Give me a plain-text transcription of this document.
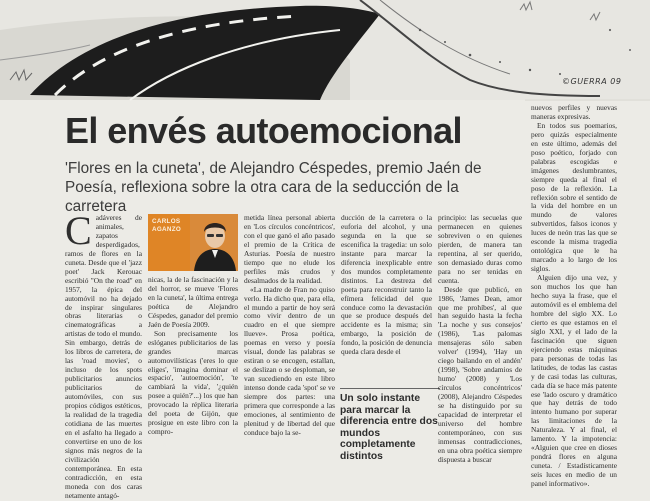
©GUERRA 09
El envés autoemocional

'Flores en la cuneta', de Alejandro Céspedes, premio Jaén de Poesía, reflexiona sobre la otra cara de la seducción de la carretera

C adáveres de animales, zapatos desperdigados, ramos de flores en la cuneta. Desde que el 'jazz poet' Jack Kerouac escribió "On the road" en 1957, la épica del automóvil no ha dejado de inspirar singulares obras literarias o cinematográficas a artistas de todo el mundo. Sin embargo, detrás de los libros de carretera, de las 'road movies', o incluso de los spots publicitarios anuncios publicitarios de automóviles, con sus propios códigos estéticos, la realidad de la tragedia cotidiana de las muertes en el asfalto ha llegado a convertirse en uno de los signos más negros de la civilización contemporánea. En esta contradicción, en esta moneda con dos caras netamente antagó-

CARLOS
AGANZO

nicas, la de la fascinación y la del horror, se mueve 'Flores en la cuneta', la última entrega poética de Alejandro Céspedes, ganador del premio Jaén de Poesía 2009.

Son precisamente los eslóganes publicitarios de las grandes marcas automovilísticas ('eres lo que eliges', 'imagina dominar el espacio', 'autoemoción', 'te cambiará la vida', '¿quién posee a quién?'...) los que han provocado la réplica literaria del poeta de Gijón, que prosigue en este libro con la compro-

metida línea personal abierta en 'Los círculos concéntricos', con el que ganó el año pasado el premio de la Crítica de Asturias. Poesía de nuestro tiempo que no elude los perfiles más crudos y desalmados de la realidad.

«La madre de Fran no quiso verlo. Ha dicho que, para ella, el mundo a partir de hoy será como vivir dentro de un cuadro en el que siempre llueve». Prosa poética, poemas en verso y poesía visual, donde las palabras se estiran o se encogen, estallan, se deslizan o se desploman, se van sucediendo en este libro intenso donde cada 'spot' se ve siempre dos partes: una primera que corresponde a las emociones, al sentimiento de plenitud y de libertad del que conduce bajo la se-

ducción de la carretera o la euforia del alcohol, y una segunda en la que se escenifica la tragedia: un solo instante para marcar la diferencia inexplicable entre dos mundos completamente distintos. La destreza del poeta para reconstruir tanto la efímera felicidad del que conduce como la devastación que se produce después del accidente es la misma; sin embargo, la posición de fondo, la posición de denuncia queda clara desde el

Un solo instante para marcar la diferencia entre dos mundos completamente distintos

principio: las secuelas que permanecen en quienes sobreviven o en quienes pierden, de manera tan repentina, al ser querido, son demasiado duras como para no ser tenidas en cuenta.

Desde que publicó, en 1986, 'James Dean, amor que me prohíbes', al que han seguido hasta la fecha 'La noche y sus consejos' (1986), 'Las palomas mensajeras sólo saben volver' (1994), 'Hay un ciego bailando en el andén' (1998), 'Sobre andamios de humo' (2008) y 'Los círculos concéntricos' (2008), Alejandro Céspedes se ha distinguido por su capacidad de interpretar el universo del hombre contemporáneo, con sus inmensas contradicciones, en una obra poética siempre dispuesta a buscar

nuevos perfiles y nuevas maneras expresivas.

En todos sus poemarios, pero quizás especialmente en este último, además del poso poético, forjado con palabras escogidas e imágenes deslumbrantes, siempre queda al final el poso de la reflexión. La reflexión sobre el sentido de la vida del hombre en un mundo de valores subvertidos, falsos iconos y luces de neón tras las que se esconde la misma tragedia ontológica que le ha marcado a lo largo de los siglos.

Alguien dijo una vez, y son muchos los que han hecho suya la frase, que el automóvil es el emblema del hombre del siglo XX. Lo cierto es que estamos en el siglo XXI, y el lado de la fascinación que siguen ejerciendo estas máquinas para personas de todas las latitudes, de todas las castas y de casi todas las culturas, cada día se hace más patente ese 'lado oscuro y dramático que hay detrás de todo intento humano por superar las limitaciones de la Naturaleza. Y al final, el lamento. Y la impotencia: «Alguien que cree en dioses pondrá flores en alguna cuneta. / Estadísticamente seis luces en medio de un panel informativo».
